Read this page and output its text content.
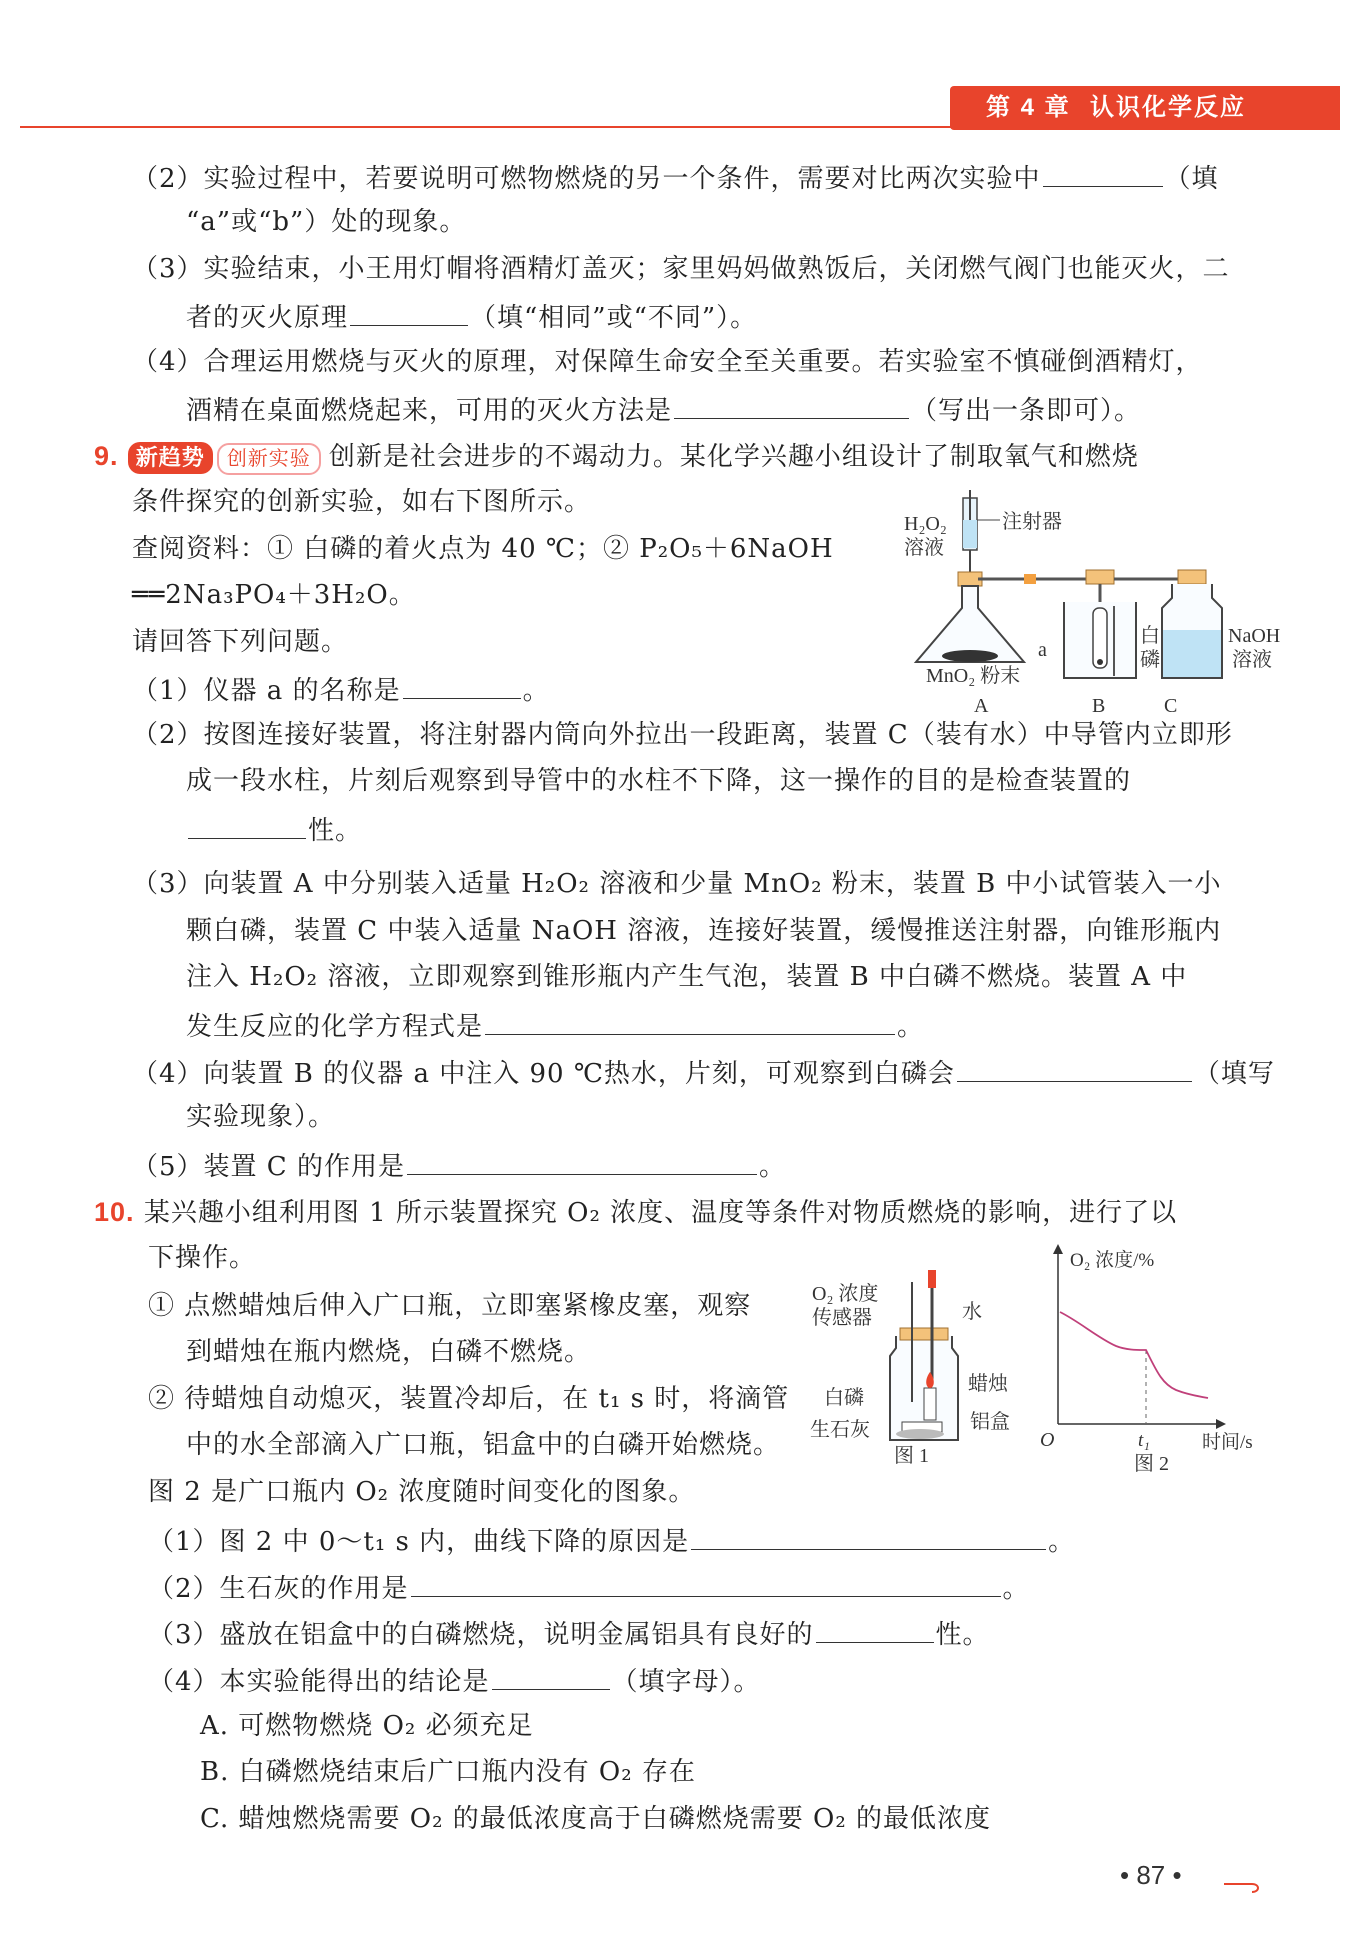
第 4 章 认识化学反应
（2）实验过程中，若要说明可燃物燃烧的另一个条件，需要对比两次实验中	（填
“a”或“b”）处的现象。
（3）实验结束，小王用灯帽将酒精灯盖灭；家里妈妈做熟饭后，关闭燃气阀门也能灭火，二
者的灭火原理	（填“相同”或“不同”）。
（4）合理运用燃烧与灭火的原理，对保障生命安全至关重要。若实验室不慎碰倒酒精灯，
酒精在桌面燃烧起来，可用的灭火方法是	（写出一条即可）。
9. 新趋势 创新实验 创新是社会进步的不竭动力。某化学兴趣小组设计了制取氧气和燃烧
条件探究的创新实验，如右下图所示。
查阅资料：① 白磷的着火点为 40 ℃；② P₂O₅＋6NaOH
══2Na₃PO₄＋3H₂O。
请回答下列问题。
（1）仪器 a 的名称是	。
H₂O₂
溶液
注射器
NaOH
溶液
a
白
磷
MnO₂ 粉末
A	B	C
（2）按图连接好装置，将注射器内筒向外拉出一段距离，装置 C（装有水）中导管内立即形
成一段水柱，片刻后观察到导管中的水柱不下降，这一操作的目的是检查装置的
性。
（3）向装置 A 中分别装入适量 H₂O₂ 溶液和少量 MnO₂ 粉末，装置 B 中小试管装入一小
颗白磷，装置 C 中装入适量 NaOH 溶液，连接好装置，缓慢推送注射器，向锥形瓶内
注入 H₂O₂ 溶液，立即观察到锥形瓶内产生气泡，装置 B 中白磷不燃烧。装置 A 中
发生反应的化学方程式是	。
（4）向装置 B 的仪器 a 中注入 90 ℃热水，片刻，可观察到白磷会	（填写
实验现象）。
（5）装置 C 的作用是	。
10. 某兴趣小组利用图 1 所示装置探究 O₂ 浓度、温度等条件对物质燃烧的影响，进行了以
下操作。
① 点燃蜡烛后伸入广口瓶，立即塞紧橡皮塞，观察
到蜡烛在瓶内燃烧，白磷不燃烧。
② 待蜡烛自动熄灭，装置冷却后，在 t₁ s 时，将滴管
中的水全部滴入广口瓶，铝盒中的白磷开始燃烧。
O₂ 浓度
传感器	水
蜡烛
白磷
生石灰	铝盒
图 1
O₂ 浓度/%
O	t₁	时间/s
图 2
图 2 是广口瓶内 O₂ 浓度随时间变化的图象。
（1）图 2 中 0～t₁ s 内，曲线下降的原因是	。
（2）生石灰的作用是	。
（3）盛放在铝盒中的白磷燃烧，说明金属铝具有良好的	性。
（4）本实验能得出的结论是	（填字母）。
A. 可燃物燃烧 O₂ 必须充足
B. 白磷燃烧结束后广口瓶内没有 O₂ 存在
C. 蜡烛燃烧需要 O₂ 的最低浓度高于白磷燃烧需要 O₂ 的最低浓度
• 87 •
